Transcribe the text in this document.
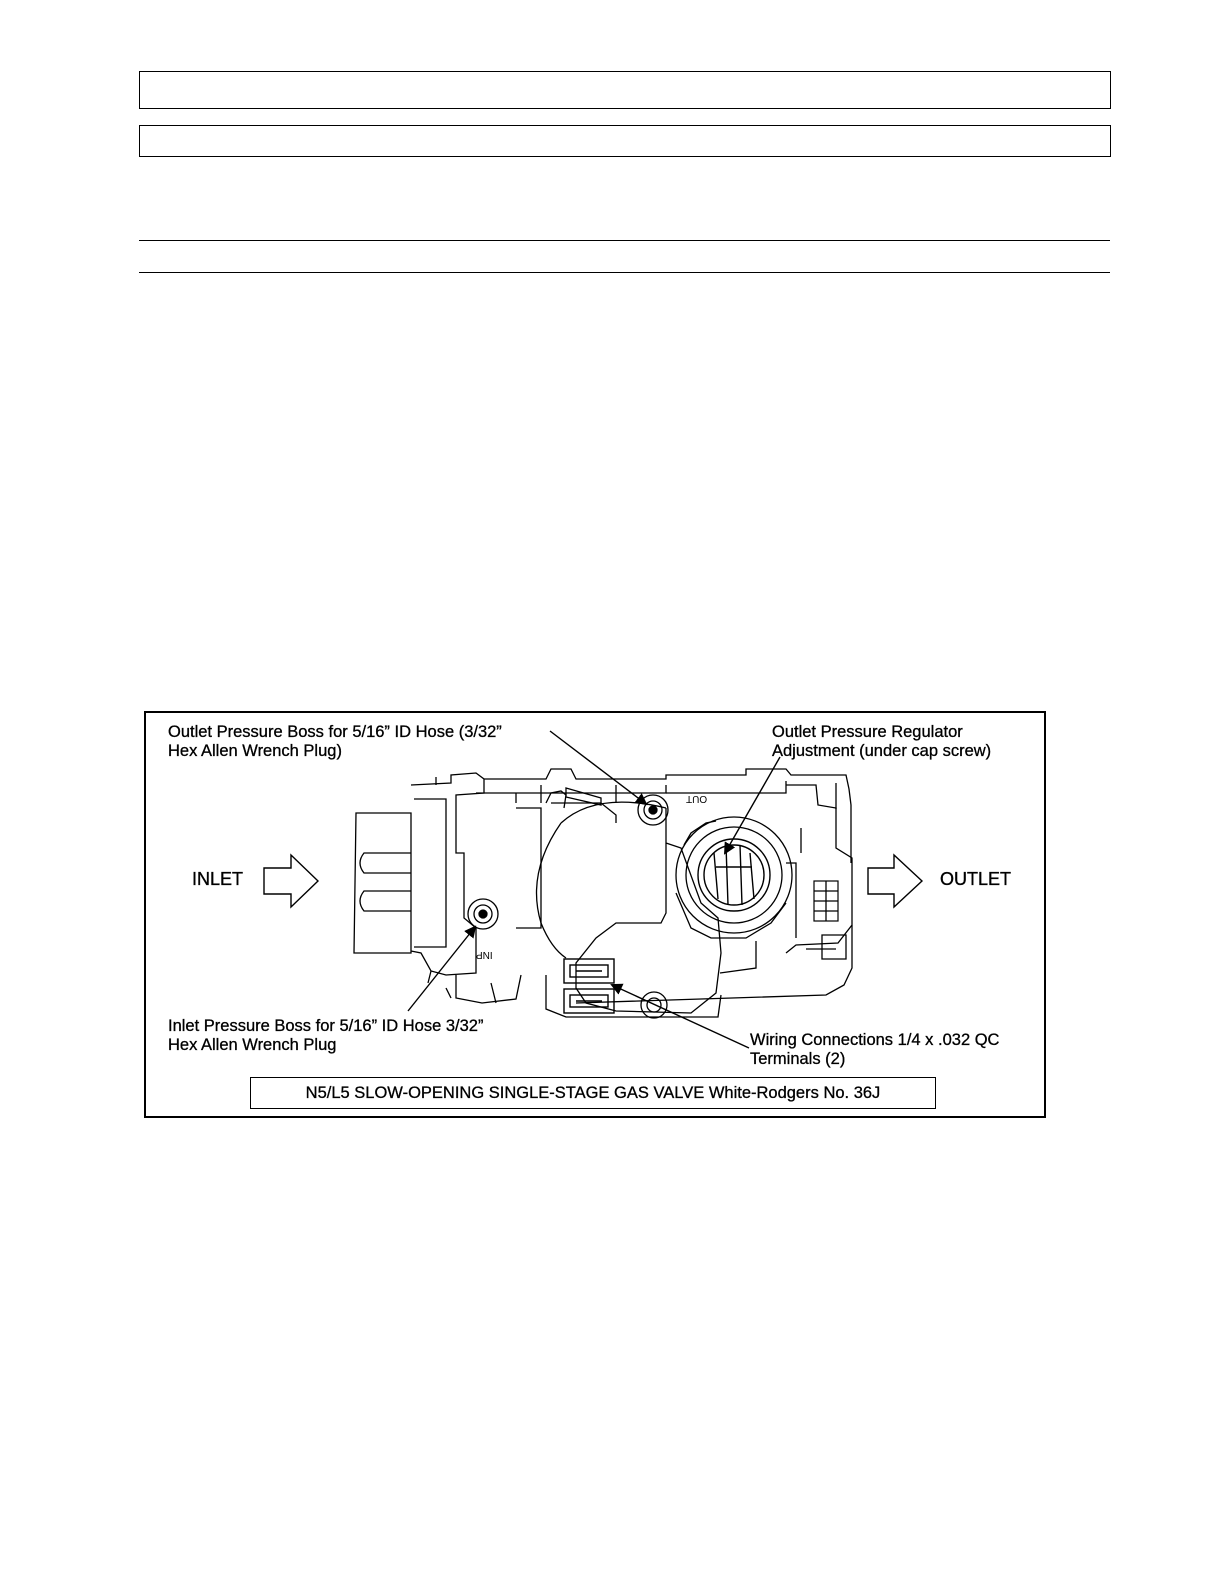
OUT
INP
Outlet Pressure Boss for 5/16” ID Hose (3/32”
Hex Allen Wrench Plug)
Outlet Pressure Regulator
Adjustment (under cap screw)
INLET	OUTLET
Inlet Pressure Boss for 5/16” ID Hose 3/32”
Hex Allen Wrench Plug	Wiring Connections 1/4 x .032 QC
Terminals (2)
N5/L5 SLOW-OPENING SINGLE-STAGE GAS VALVE White-Rodgers No. 36J
